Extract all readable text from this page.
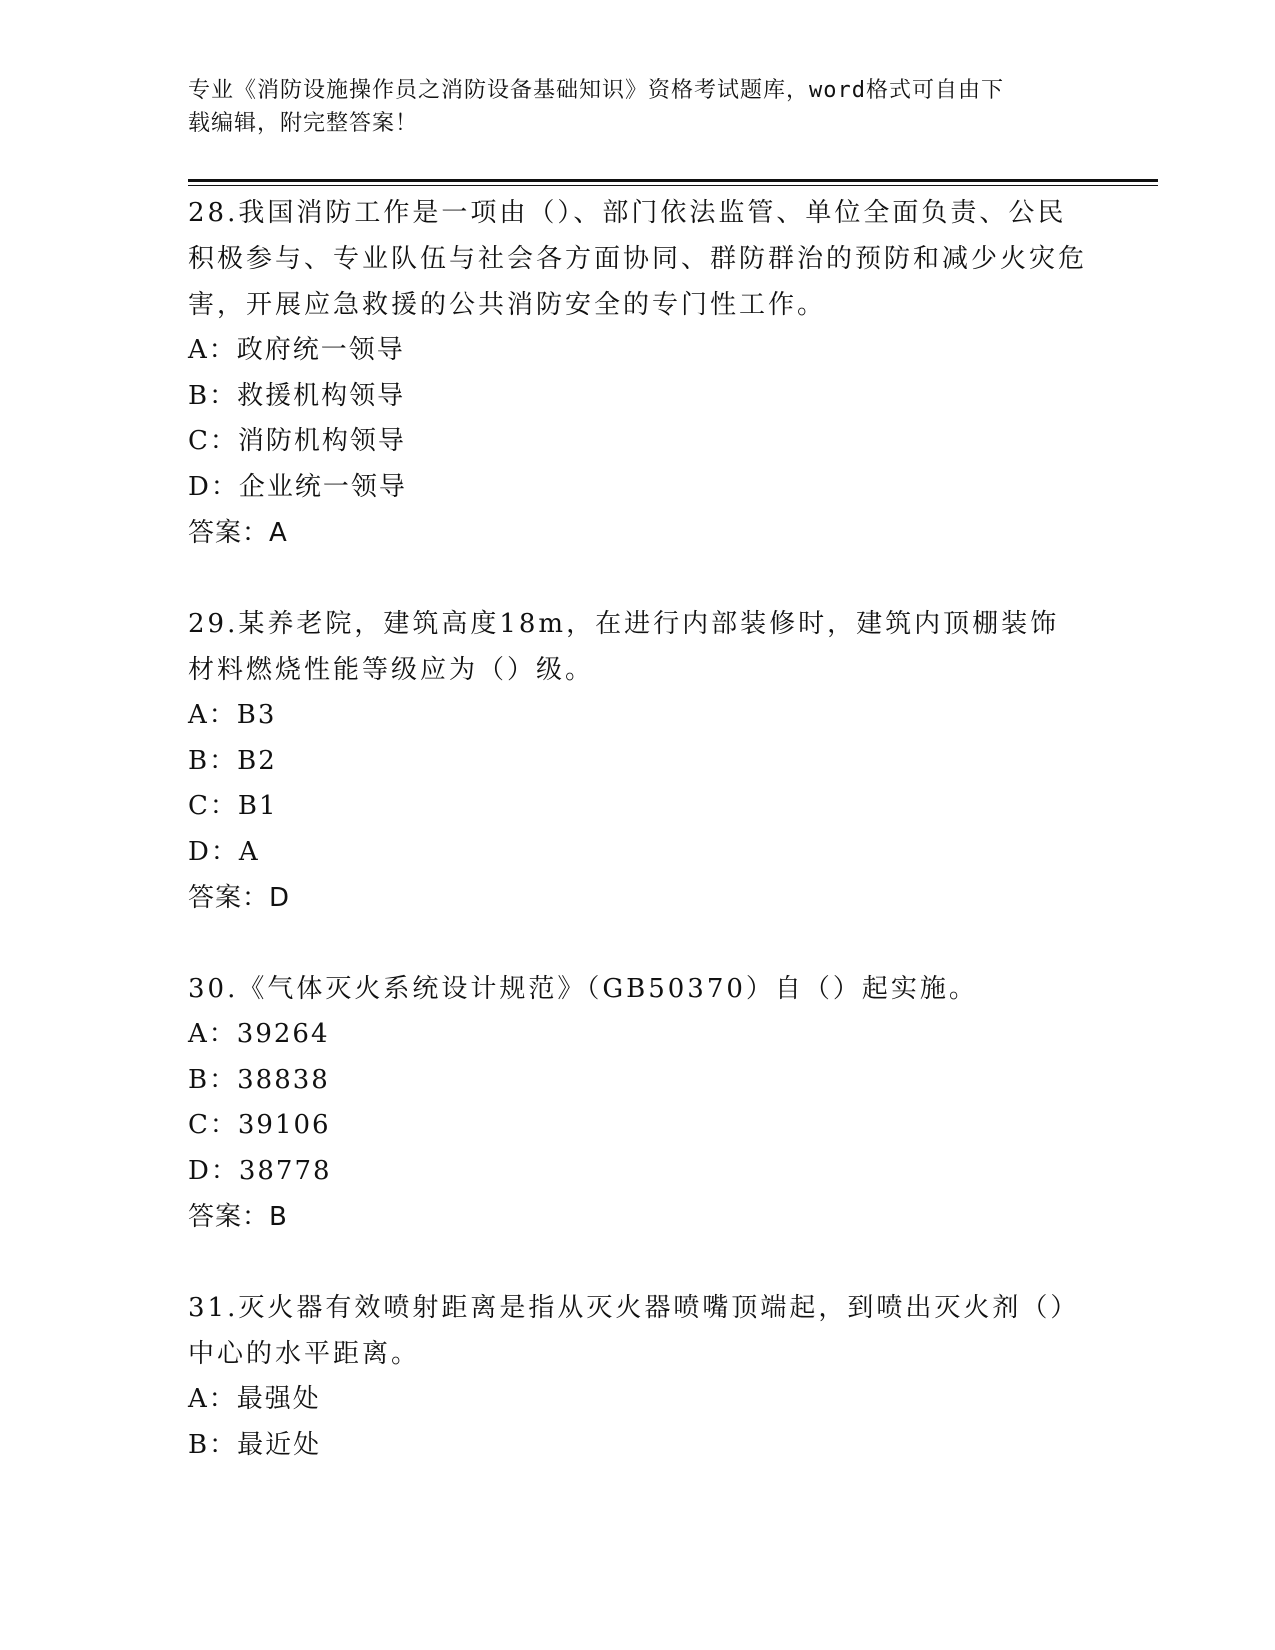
专业《消防设施操作员之消防设备基础知识》资格考试题库，word格式可自由下
载编辑，附完整答案！

28.我国消防工作是一项由（）、部门依法监管、单位全面负责、公民积极参与、专业队伍与社会各方面协同、群防群治的预防和减少火灾危害，开展应急救援的公共消防安全的专门性工作。

A：政府统一领导

B：救援机构领导

C：消防机构领导

D：企业统一领导

答案：A

29.某养老院，建筑高度18m，在进行内部装修时，建筑内顶棚装饰材料燃烧性能等级应为（）级。

A：B3

B：B2

C：B1

D：A

答案：D

30.《气体灭火系统设计规范》（GB50370）自（）起实施。

A：39264

B：38838

C：39106

D：38778

答案：B

31.灭火器有效喷射距离是指从灭火器喷嘴顶端起，到喷出灭火剂（）中心的水平距离。

A：最强处

B：最近处
